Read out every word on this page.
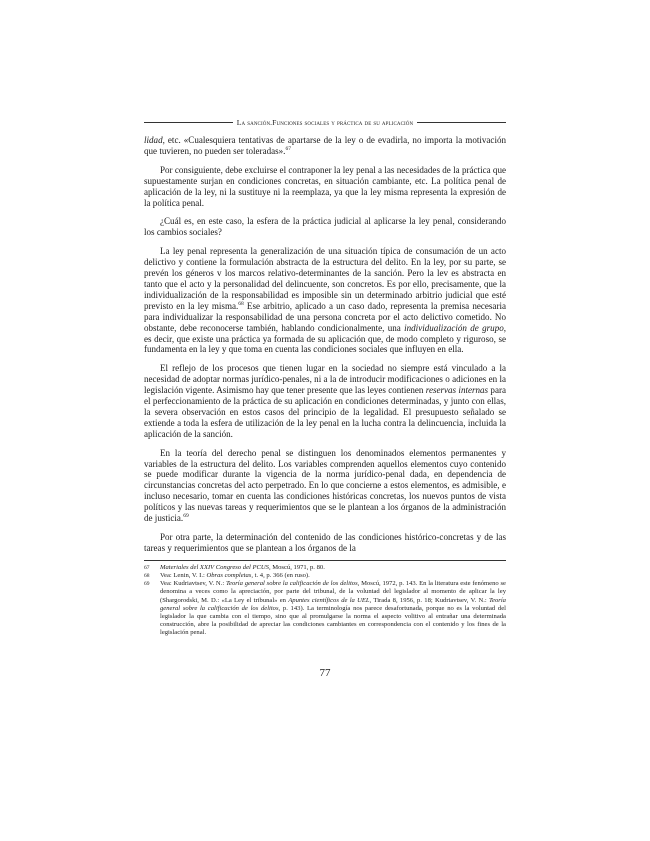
La sanción. Funciones sociales y práctica de su aplicación

lidad, etc. «Cualesquiera tentativas de apartarse de la ley o de evadirla, no importa la motivación que tuvieren, no pueden ser toleradas».$^{67}$

Por consiguiente, debe excluirse el contraponer la ley penal a las necesidades de la práctica que supuestamente surjan en condiciones concretas, en situación cambiante, etc. La política penal de aplicación de la ley, ni la sustituye ni la reemplaza, ya que la ley misma representa la expresión de la política penal.

¿Cuál es, en este caso, la esfera de la práctica judicial al aplicarse la ley penal, considerando los cambios sociales?

La ley penal representa la generalización de una situación típica de consumación de un acto delictivo y contiene la formulación abstracta de la estructura del delito. En la ley, por su parte, se prevén los géneros v los marcos relativo-determinantes de la sanción. Pero la lev es abstracta en tanto que el acto y la personalidad del delincuente, son concretos. Es por ello, precisamente, que la individualización de la responsabilidad es imposible sin un determinado arbitrio judicial que esté previsto en la ley misma.$^{68}$ Ese arbitrio, aplicado a un caso dado, representa la premisa necesaria para individualizar la responsabilidad de una persona concreta por el acto delictivo cometido. No obstante, debe reconocerse también, hablando condicionalmente, una individualización de grupo, es decir, que existe una práctica ya formada de su aplicación que, de modo completo y riguroso, se fundamenta en la ley y que toma en cuenta las condiciones sociales que influyen en ella.

El reflejo de los procesos que tienen lugar en la sociedad no siempre está vinculado a la necesidad de adoptar normas jurídico-penales, ni a la de introducir modificaciones o adiciones en la legislación vigente. Asimismo hay que tener presente que las leyes contienen reservas internas para el perfeccionamiento de la práctica de su aplicación en condiciones determinadas, y junto con ellas, la severa observación en estos casos del principio de la legalidad. El presupuesto señalado se extiende a toda la esfera de utilización de la ley penal en la lucha contra la delincuencia, incluida la aplicación de la sanción.

En la teoría del derecho penal se distinguen los denominados elementos permanentes y variables de la estructura del delito. Los variables comprenden aquellos elementos cuyo contenido se puede modificar durante la vigencia de la norma jurídico-penal dada, en dependencia de circunstancias concretas del acto perpetrado. En lo que concierne a estos elementos, es admisible, e incluso necesario, tomar en cuenta las condiciones históricas concretas, los nuevos puntos de vista políticos y las nuevas tareas y requerimientos que se le plantean a los órganos de la administración de justicia.$^{69}$

Por otra parte, la determinación del contenido de las condiciones histórico-concretas y de las tareas y requerimientos que se plantean a los órganos de la

67	Materiales del XXIV Congreso del PCUS, Moscú, 1971, p. 80.
68	Vea: Lenin, V. I.: Obras completas, t. 4, p. 366 (en ruso).
69	Vea: Kudriavtsev, V. N.: Teoría general sobre la calificación de los delitos, Moscú, 1972, p. 143. En la literatura este fenómeno se denomina a veces como la apreciación, por parte del tribunal, de la voluntad del legislador al momento de aplicar la ley (Shargorodski, M. D.: «La Ley el tribunal» en Apuntes científicos de la UEL, Tirada 8, 1956, p. 18; Kudriavtsev, V. N.: Teoría general sobre la calificación de los delitos, p. 143). La terminología nos parece desafortunada, porque no es la voluntad del legislador la que cambia con el tiempo, sino que al promulgarse la norma el aspecto volitivo al entrañar una determinada construcción, abre la posibilidad de apreciar las condiciones cambiantes en correspondencia con el contenido y los fines de la legislación penal.
77
